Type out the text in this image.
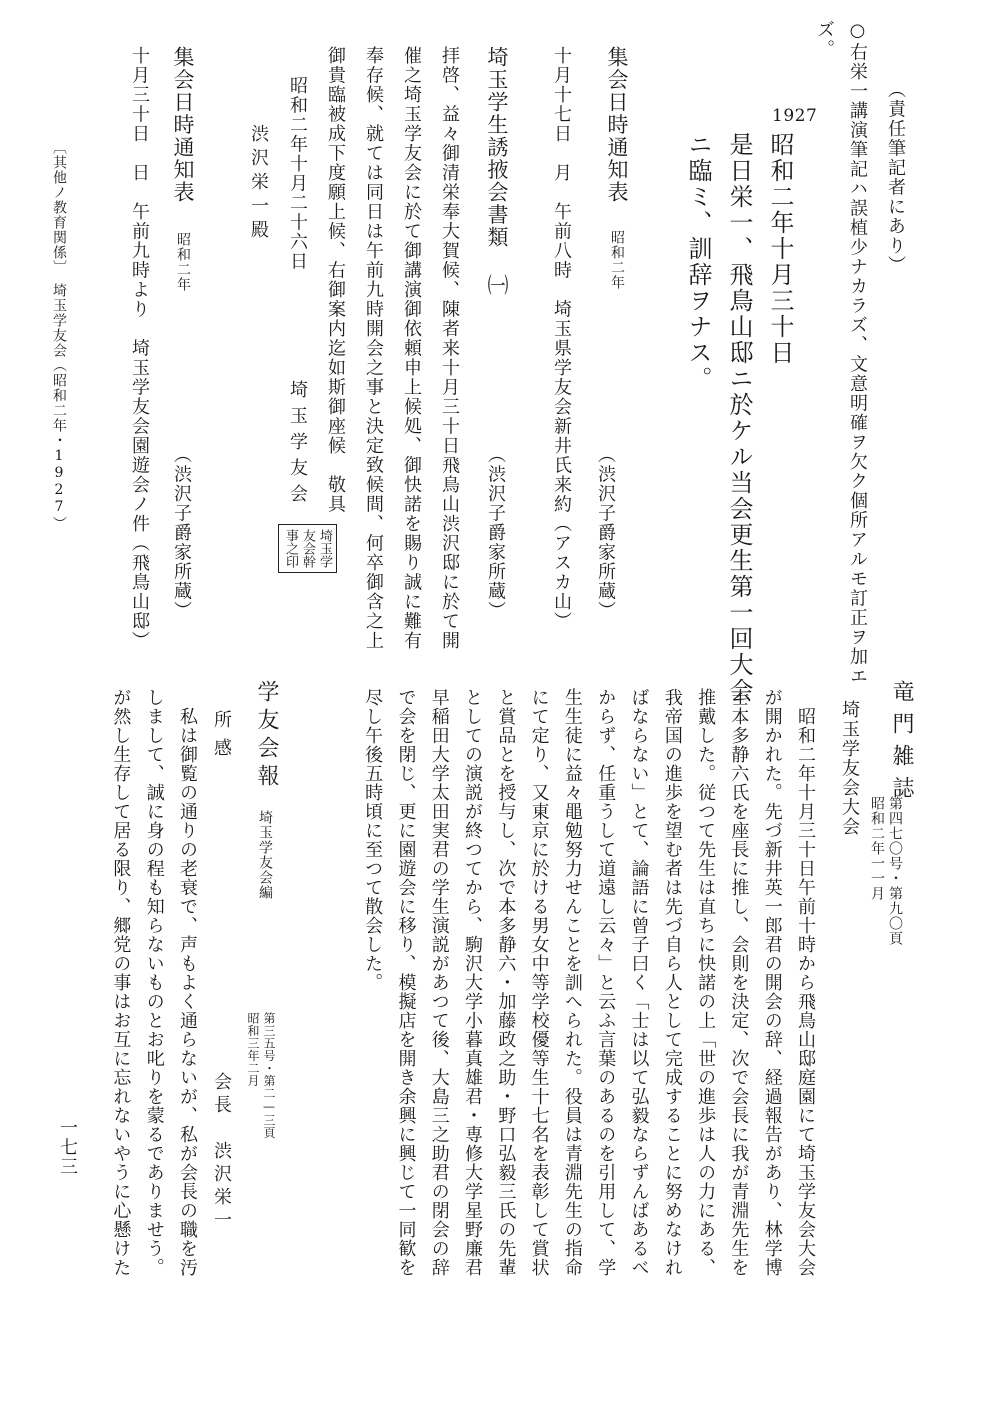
（責任筆記者にあり）
○右栄一講演筆記ハ誤植少ナカラズ、文意明確ヲ欠ク個所アルモ訂正ヲ加エ
ズ。
1927
昭和二年十月三十日
是日栄一、飛鳥山邸ニ於ケル当会更生第一回大会
ニ臨ミ、訓辞ヲナス。
集会日時通知表
昭和二年
（渋沢子爵家所蔵）
十月十七日　月　午前八時　埼玉県学友会新井氏来約（アスカ山）
埼玉学生誘掖会書類 ㈠
（渋沢子爵家所蔵）
拝啓、益々御清栄奉大賀候、陳者来十月三十日飛鳥山渋沢邸に於て開
催之埼玉学友会に於て御講演御依頼申上候処、御快諾を賜り誠に難有
奉存候、就ては同日は午前九時開会之事と決定致候間、何卒御含之上
御貴臨被成下度願上候、右御案内迄如斯御座候　敬具
昭和二年十月二十六日
埼玉学友会
埼玉学
友会幹
事之印
渋沢栄一殿
集会日時通知表
昭和二年
（渋沢子爵家所蔵）
十月三十日　日　午前九時より　埼玉学友会園遊会ノ件（飛鳥山邸）
〔其他ノ教育関係〕　埼玉学友会（昭和二年・1927）
竜門雑誌
第四七〇号・第九〇頁
昭和二年一一月
埼玉学友会大会
　昭和二年十月三十日午前十時から飛鳥山邸庭園にて埼玉学友会大会
が開かれた。先づ新井英一郎君の開会の辞、経過報告があり、林学博
士本多静六氏を座長に推し、会則を決定、次で会長に我が青淵先生を
推戴した。従つて先生は直ちに快諾の上「世の進歩は人の力にある、
我帝国の進歩を望む者は先づ自ら人として完成することに努めなけれ
ばならない」とて、論語に曾子曰く「士は以て弘毅ならずんばあるべ
からず、任重うして道遠し云々」と云ふ言葉のあるのを引用して、学
生生徒に益々黽勉努力せんことを訓へられた。役員は青淵先生の指命
にて定り、又東京に於ける男女中等学校優等生十七名を表彰して賞状
と賞品とを授与し、次で本多静六・加藤政之助・野口弘毅三氏の先輩
としての演説が終つてから、駒沢大学小暮真雄君・専修大学星野廉君
早稲田大学太田実君の学生演説があつて後、大島三之助君の閉会の辞
で会を閉じ、更に園遊会に移り、模擬店を開き余興に興じて一同歓を
尽し午後五時頃に至つて散会した。
学友会報
埼玉学友会編
第三五号・第二—三頁
昭和三年二月
所感
会長　渋沢栄一
　私は御覧の通りの老衰で、声もよく通らないが、私が会長の職を汚
しまして、誠に身の程も知らないものとお叱りを蒙るでありませう。
が然し生存して居る限り、郷党の事はお互に忘れないやうに心懸けた
一七三
